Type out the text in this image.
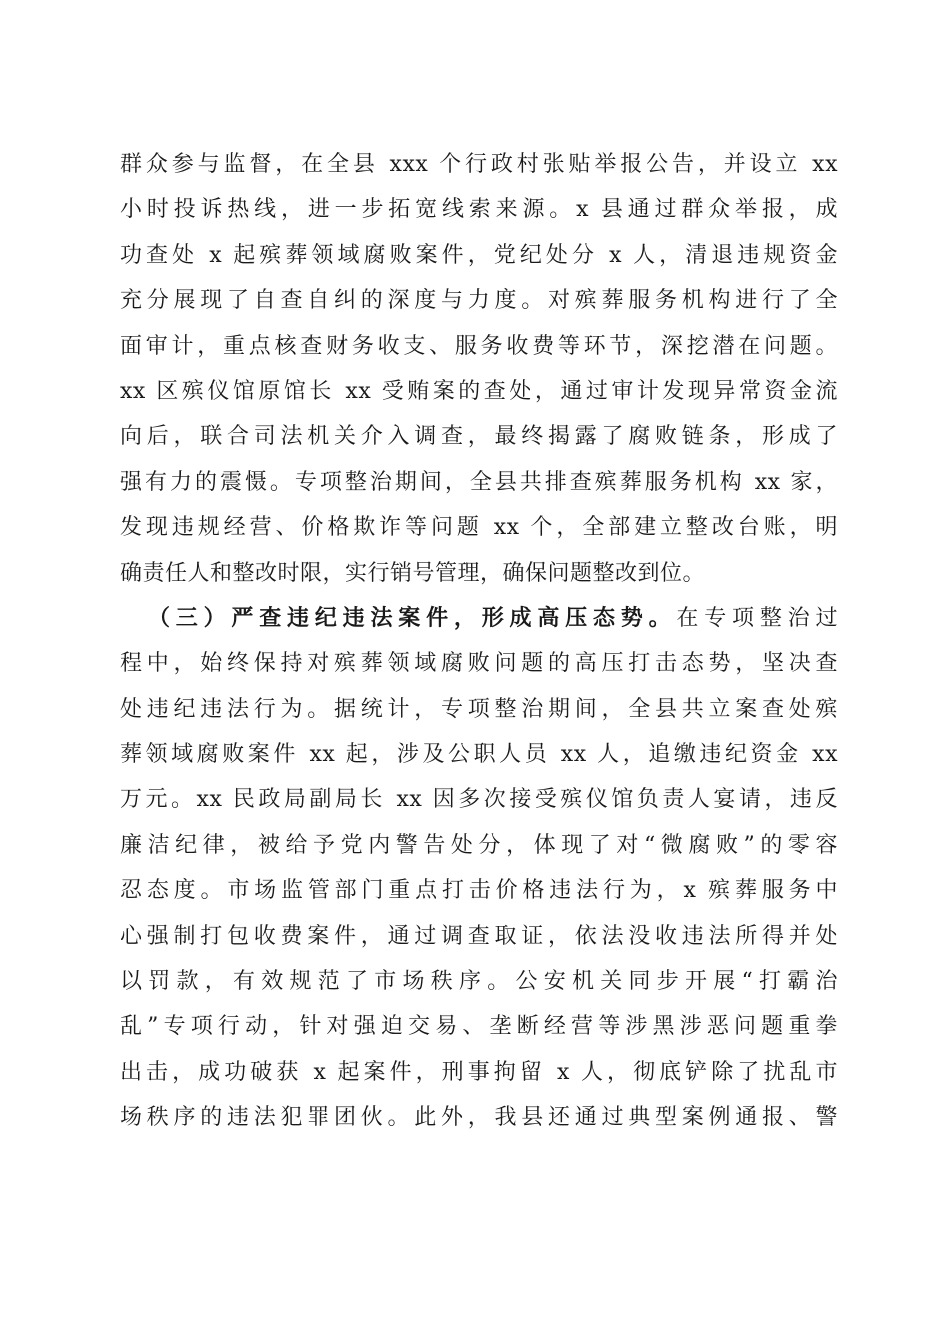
群众参与监督，在全县 xxx 个行政村张贴举报公告，并设立 xx
小时投诉热线，进一步拓宽线索来源。x 县通过群众举报，成
功查处 x 起殡葬领域腐败案件，党纪处分 x 人，清退违规资金
充分展现了自查自纠的深度与力度。对殡葬服务机构进行了全
面审计，重点核查财务收支、服务收费等环节，深挖潜在问题。
xx 区殡仪馆原馆长 xx 受贿案的查处，通过审计发现异常资金流
向后，联合司法机关介入调查，最终揭露了腐败链条，形成了
强有力的震慑。专项整治期间，全县共排查殡葬服务机构 xx 家，
发现违规经营、价格欺诈等问题 xx 个，全部建立整改台账，明
确责任人和整改时限，实行销号管理，确保问题整改到位。
（三）严查违纪违法案件，形成高压态势。在专项整治过
程中，始终保持对殡葬领域腐败问题的高压打击态势，坚决查
处违纪违法行为。据统计，专项整治期间，全县共立案查处殡
葬领域腐败案件 xx 起，涉及公职人员 xx 人，追缴违纪资金 xx
万元。xx 民政局副局长 xx 因多次接受殡仪馆负责人宴请，违反
廉洁纪律，被给予党内警告处分，体现了对“微腐败”的零容
忍态度。市场监管部门重点打击价格违法行为，x 殡葬服务中
心强制打包收费案件，通过调查取证，依法没收违法所得并处
以罚款，有效规范了市场秩序。公安机关同步开展“打霸治
乱”专项行动，针对强迫交易、垄断经营等涉黑涉恶问题重拳
出击，成功破获 x 起案件，刑事拘留 x 人，彻底铲除了扰乱市
场秩序的违法犯罪团伙。此外，我县还通过典型案例通报、警
